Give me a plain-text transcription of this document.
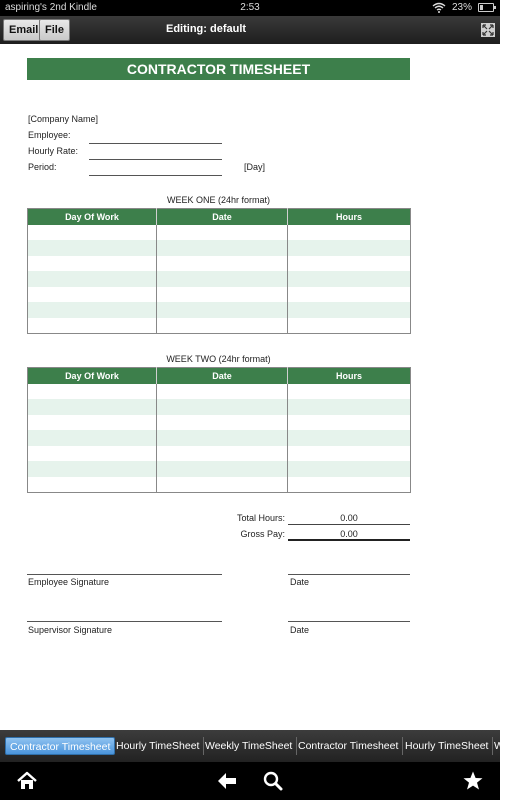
aspiring's 2nd Kindle	2:53	23%
Email File	Editing: default
CONTRACTOR TIMESHEET
[Company Name]
Employee:
Hourly Rate:
Period:	[Day]
WEEK ONE (24hr format)
Day Of Work	Date	Hours

WEEK TWO (24hr format)
Day Of Work	Date	Hours

Total Hours:	0.00
Gross Pay:	0.00
Employee Signature	Date
Supervisor Signature	Date
Contractor Timesheet Hourly TimeSheet Weekly TimeSheet Contractor Timesheet Hourly TimeSheet W
